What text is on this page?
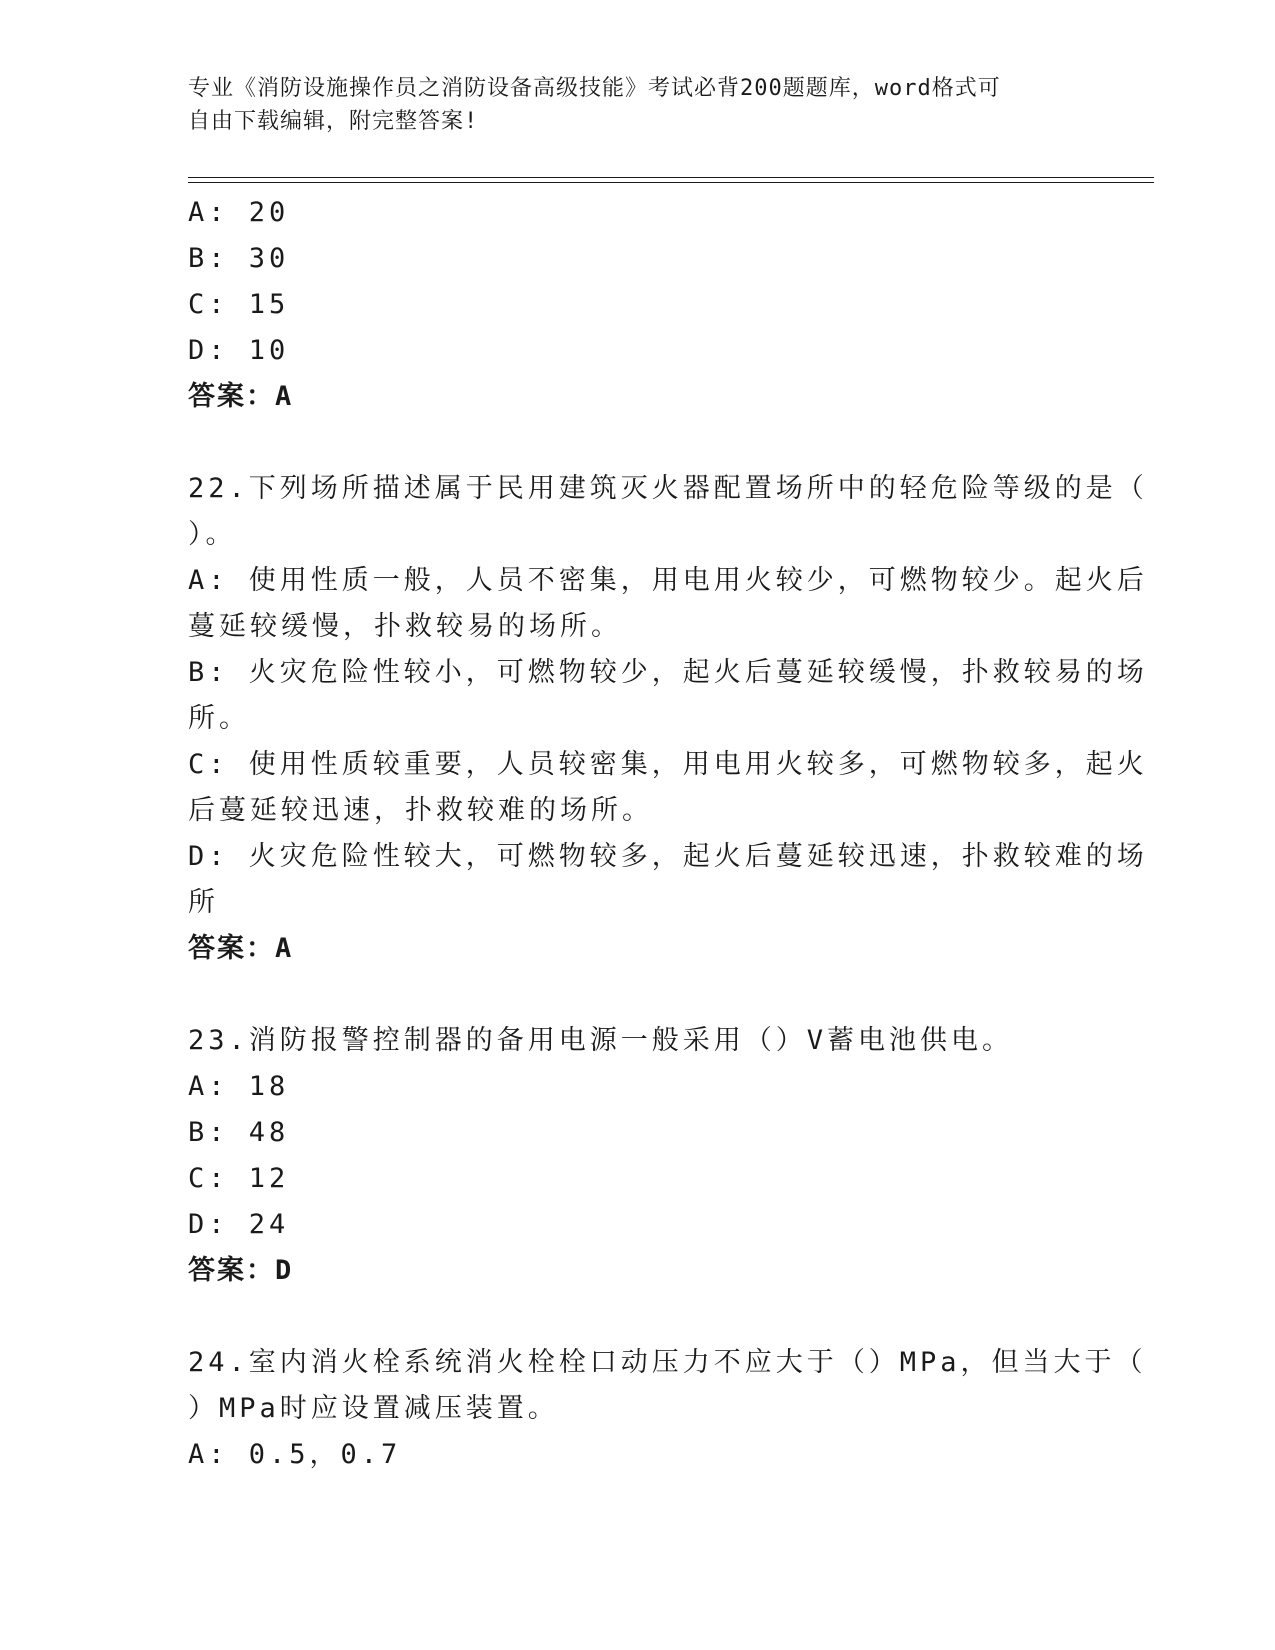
专业《消防设施操作员之消防设备高级技能》考试必背200题题库，word格式可
自由下载编辑，附完整答案!
A: 20
B: 30
C: 15
D: 10
答案：A
22.下列场所描述属于民用建筑灭火器配置场所中的轻危险等级的是（
）。
A: 使用性质一般，人员不密集，用电用火较少，可燃物较少。起火后
蔓延较缓慢，扑救较易的场所。
B: 火灾危险性较小，可燃物较少，起火后蔓延较缓慢，扑救较易的场
所。
C: 使用性质较重要，人员较密集，用电用火较多，可燃物较多，起火
后蔓延较迅速，扑救较难的场所。
D: 火灾危险性较大，可燃物较多，起火后蔓延较迅速，扑救较难的场
所
答案：A
23.消防报警控制器的备用电源一般采用（）V蓄电池供电。
A: 18
B: 48
C: 12
D: 24
答案：D
24.室内消火栓系统消火栓栓口动压力不应大于（）MPa，但当大于（
）MPa时应设置减压装置。
A: 0.5，0.7
